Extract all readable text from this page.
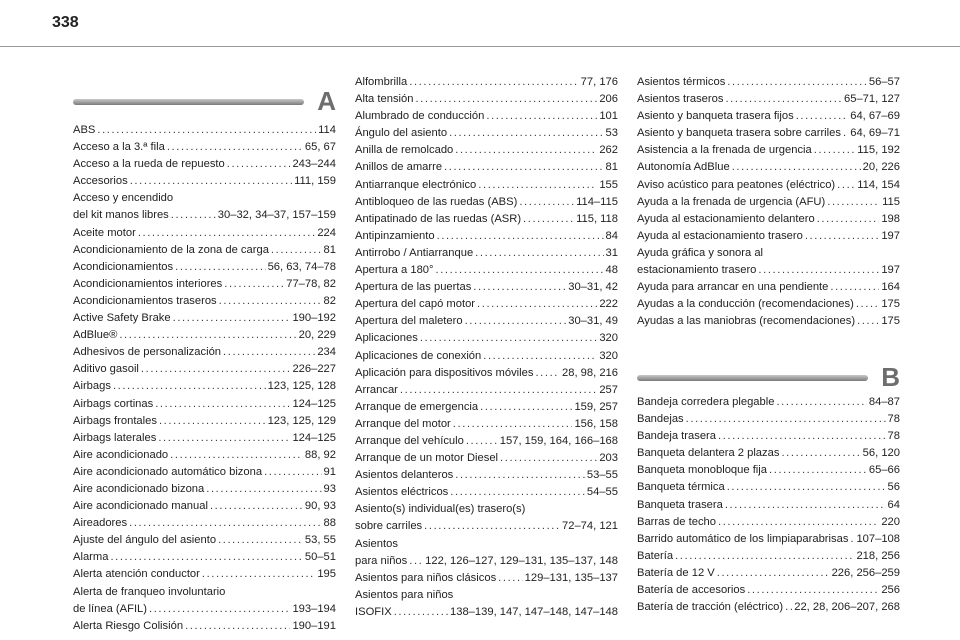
338
A
ABS .....	114
Acceso a la 3.ª fila .....	65, 67
Acceso a la rueda de repuesto .....	243–244
Accesorios .....	111, 159
Acceso y encendido
del kit manos libres .....	30–32, 34–37, 157–159
Aceite motor .....	224
Acondicionamiento de la zona de carga .....	81
Acondicionamientos .....	56, 63, 74–78
Acondicionamientos interiores .....	77–78, 82
Acondicionamientos traseros .....	82
Active Safety Brake .....	190–192
AdBlue® .....	20, 229
Adhesivos de personalización .....	234
Aditivo gasoil .....	226–227
Airbags .....	123, 125, 128
Airbags cortinas .....	124–125
Airbags frontales .....	123, 125, 129
Airbags laterales .....	124–125
Aire acondicionado .....	88, 92
Aire acondicionado automático bizona .....	91
Aire acondicionado bizona .....	93
Aire acondicionado manual .....	90, 93
Aireadores .....	88
Ajuste del ángulo del asiento .....	53, 55
Alarma .....	50–51
Alerta atención conductor .....	195
Alerta de franqueo involuntario
de línea (AFIL) .....	193–194
Alerta Riesgo Colisión .....	190–191
Alfombrilla .....	77, 176
Alta tensión .....	206
Alumbrado de conducción .....	101
Ángulo del asiento .....	53
Anilla de remolcado .....	262
Anillos de amarre .....	81
Antiarranque electrónico .....	155
Antibloqueo de las ruedas (ABS) .....	114–115
Antipatinado de las ruedas (ASR) .....	115, 118
Antipinzamiento .....	84
Antirrobo / Antiarranque .....	31
Apertura a 180° .....	48
Apertura de las puertas .....	30–31, 42
Apertura del capó motor .....	222
Apertura del maletero .....	30–31, 49
Aplicaciones .....	320
Aplicaciones de conexión .....	320
Aplicación para dispositivos móviles .....	28, 98, 216
Arrancar .....	257
Arranque de emergencia .....	159, 257
Arranque del motor .....	156, 158
Arranque del vehículo .....	157, 159, 164, 166–168
Arranque de un motor Diesel .....	203
Asientos delanteros .....	53–55
Asientos eléctricos .....	54–55
Asiento(s) individual(es) trasero(s)
sobre carriles .....	72–74, 121
Asientos
para niños ..... 122, 126–127, 129–131, 135–137, 148
Asientos para niños clásicos .....	129–131, 135–137
Asientos para niños
ISOFIX .....	138–139, 147, 147–148, 147–148
Asientos térmicos .....	56–57
Asientos traseros .....	65–71, 127
Asiento y banqueta trasera fijos .....	64, 67–69
Asiento y banqueta trasera sobre carriles ..... 64, 69–71
Asistencia a la frenada de urgencia .....	115, 192
Autonomía AdBlue .....	20, 226
Aviso acústico para peatones (eléctrico) ..... 114, 154
Ayuda a la frenada de urgencia (AFU) .....	115
Ayuda al estacionamiento delantero .....	198
Ayuda al estacionamiento trasero .....	197
Ayuda gráfica y sonora al
estacionamiento trasero .....	197
Ayuda para arrancar en una pendiente .....	164
Ayudas a la conducción (recomendaciones) ..... 175
Ayudas a las maniobras (recomendaciones) ..... 175
B
Bandeja corredera plegable .....	84–87
Bandejas .....	78
Bandeja trasera .....	78
Banqueta delantera 2 plazas .....	56, 120
Banqueta monobloque fija .....	65–66
Banqueta térmica .....	56
Banqueta trasera .....	64
Barras de techo .....	220
Barrido automático de los limpiaparabrisas ..... 107–108
Batería .....	218, 256
Batería de 12 V .....	226, 256–259
Batería de accesorios .....	256
Batería de tracción (eléctrico) ..... 22, 28, 206–207, 268
